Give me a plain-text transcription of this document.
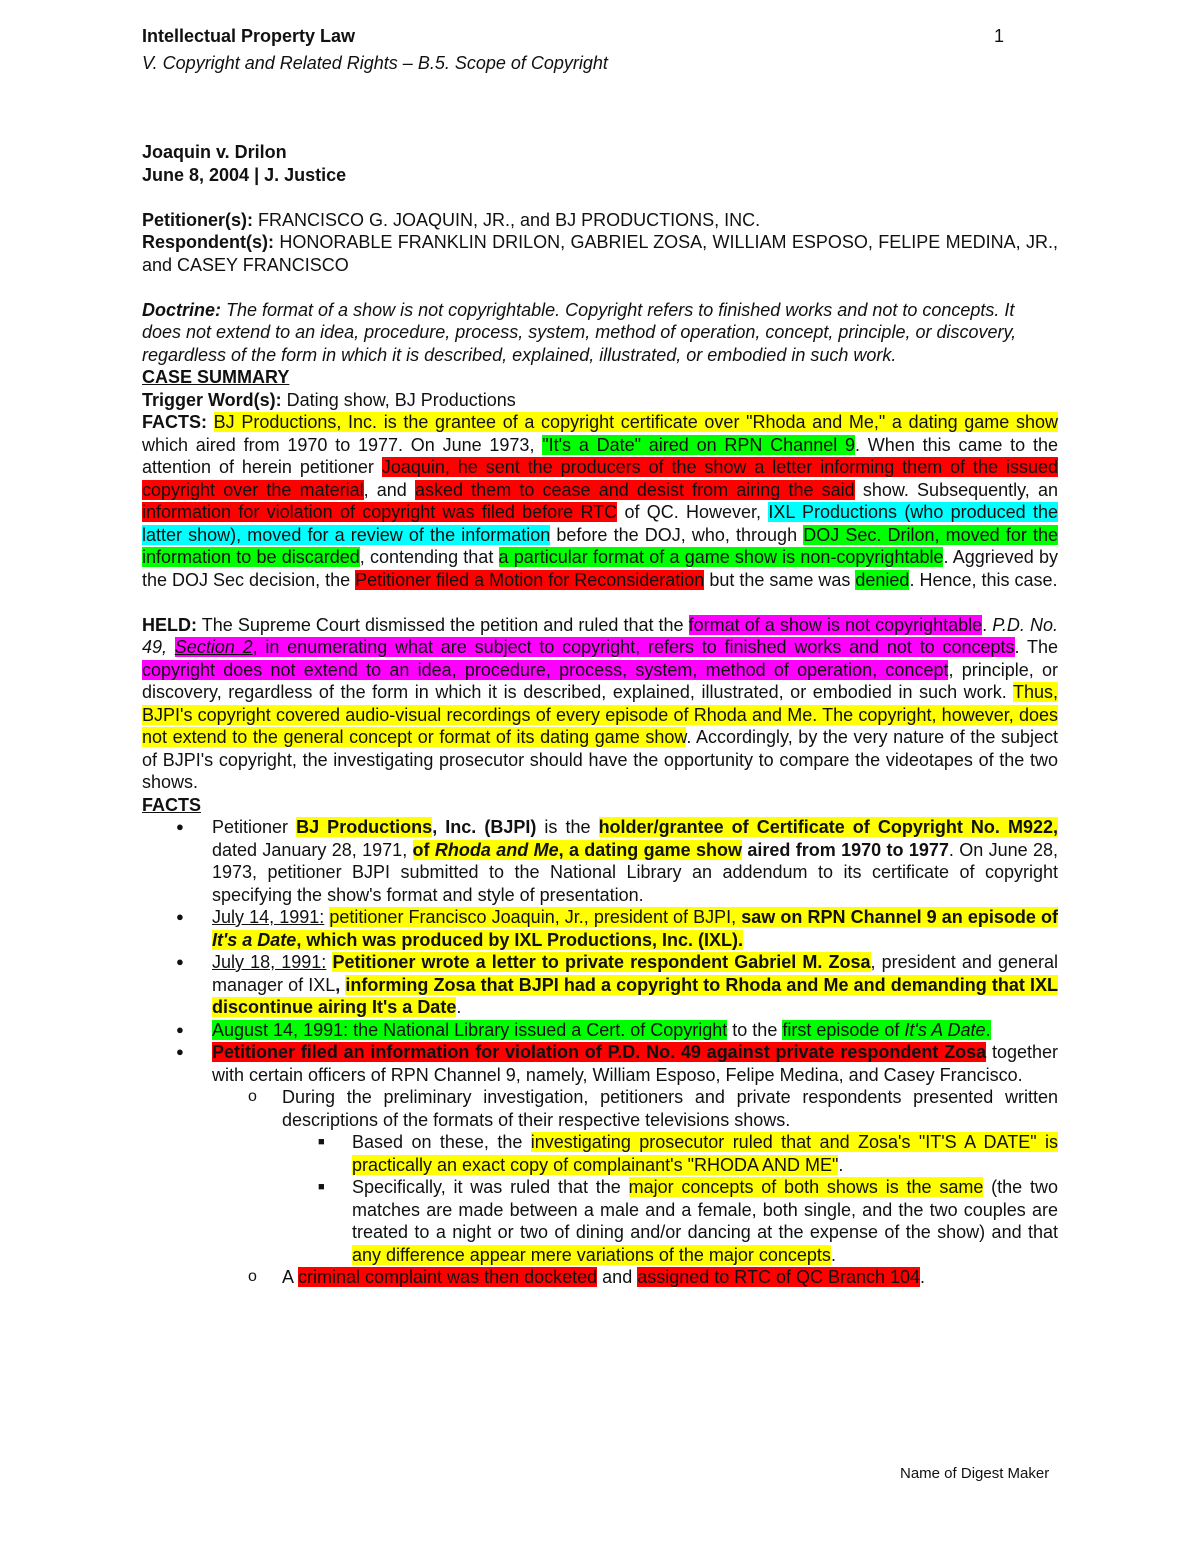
Intellectual Property Law	1
V. Copyright and Related Rights – B.5. Scope of Copyright

Joaquin v. Drilon

June 8, 2004 | J. Justice

Petitioner(s): FRANCISCO G. JOAQUIN, JR., and BJ PRODUCTIONS, INC.

Respondent(s): HONORABLE FRANKLIN DRILON, GABRIEL ZOSA, WILLIAM ESPOSO, FELIPE MEDINA, JR., and CASEY FRANCISCO

Doctrine: The format of a show is not copyrightable. Copyright refers to finished works and not to concepts. It does not extend to an idea, procedure, process, system, method of operation, concept, principle, or discovery, regardless of the form in which it is described, explained, illustrated, or embodied in such work.

CASE SUMMARY

Trigger Word(s): Dating show, BJ Productions

FACTS: BJ Productions, Inc. is the grantee of a copyright certificate over "Rhoda and Me," a dating game show which aired from 1970 to 1977. On June 1973, "It's a Date" aired on RPN Channel 9. When this came to the attention of herein petitioner Joaquin, he sent the producers of the show a letter informing them of the issued copyright over the material, and asked them to cease and desist from airing the said show. Subsequently, an information for violation of copyright was filed before RTC of QC. However, IXL Productions (who produced the latter show), moved for a review of the information before the DOJ, who, through DOJ Sec. Drilon, moved for the information to be discarded, contending that a particular format of a game show is non-copyrightable. Aggrieved by the DOJ Sec decision, the Petitioner filed a Motion for Reconsideration but the same was denied. Hence, this case.

HELD: The Supreme Court dismissed the petition and ruled that the format of a show is not copyrightable. P.D. No. 49, Section 2, in enumerating what are subject to copyright, refers to finished works and not to concepts. The copyright does not extend to an idea, procedure, process, system, method of operation, concept, principle, or discovery, regardless of the form in which it is described, explained, illustrated, or embodied in such work. Thus, BJPI's copyright covered audio-visual recordings of every episode of Rhoda and Me. The copyright, however, does not extend to the general concept or format of its dating game show. Accordingly, by the very nature of the subject of BJPI's copyright, the investigating prosecutor should have the opportunity to compare the videotapes of the two shows.

FACTS

● Petitioner BJ Productions, Inc. (BJPI) is the holder/grantee of Certificate of Copyright No. M922, dated January 28, 1971, of Rhoda and Me, a dating game show aired from 1970 to 1977. On June 28, 1973, petitioner BJPI submitted to the National Library an addendum to its certificate of copyright specifying the show's format and style of presentation.
● July 14, 1991: petitioner Francisco Joaquin, Jr., president of BJPI, saw on RPN Channel 9 an episode of It's a Date, which was produced by IXL Productions, Inc. (IXL).
● July 18, 1991: Petitioner wrote a letter to private respondent Gabriel M. Zosa, president and general manager of IXL, informing Zosa that BJPI had a copyright to Rhoda and Me and demanding that IXL discontinue airing It's a Date.
● August 14, 1991: the National Library issued a Cert. of Copyright to the first episode of It's A Date.
● Petitioner filed an information for violation of P.D. No. 49 against private respondent Zosa together with certain officers of RPN Channel 9, namely, William Esposo, Felipe Medina, and Casey Francisco.
o During the preliminary investigation, petitioners and private respondents presented written descriptions of the formats of their respective televisions shows.
■ Based on these, the investigating prosecutor ruled that and Zosa's "IT'S A DATE" is practically an exact copy of complainant's "RHODA AND ME".
■ Specifically, it was ruled that the major concepts of both shows is the same (the two matches are made between a male and a female, both single, and the two couples are treated to a night or two of dining and/or dancing at the expense of the show) and that any difference appear mere variations of the major concepts.
o A criminal complaint was then docketed and assigned to RTC of QC Branch 104.
Name of Digest Maker
